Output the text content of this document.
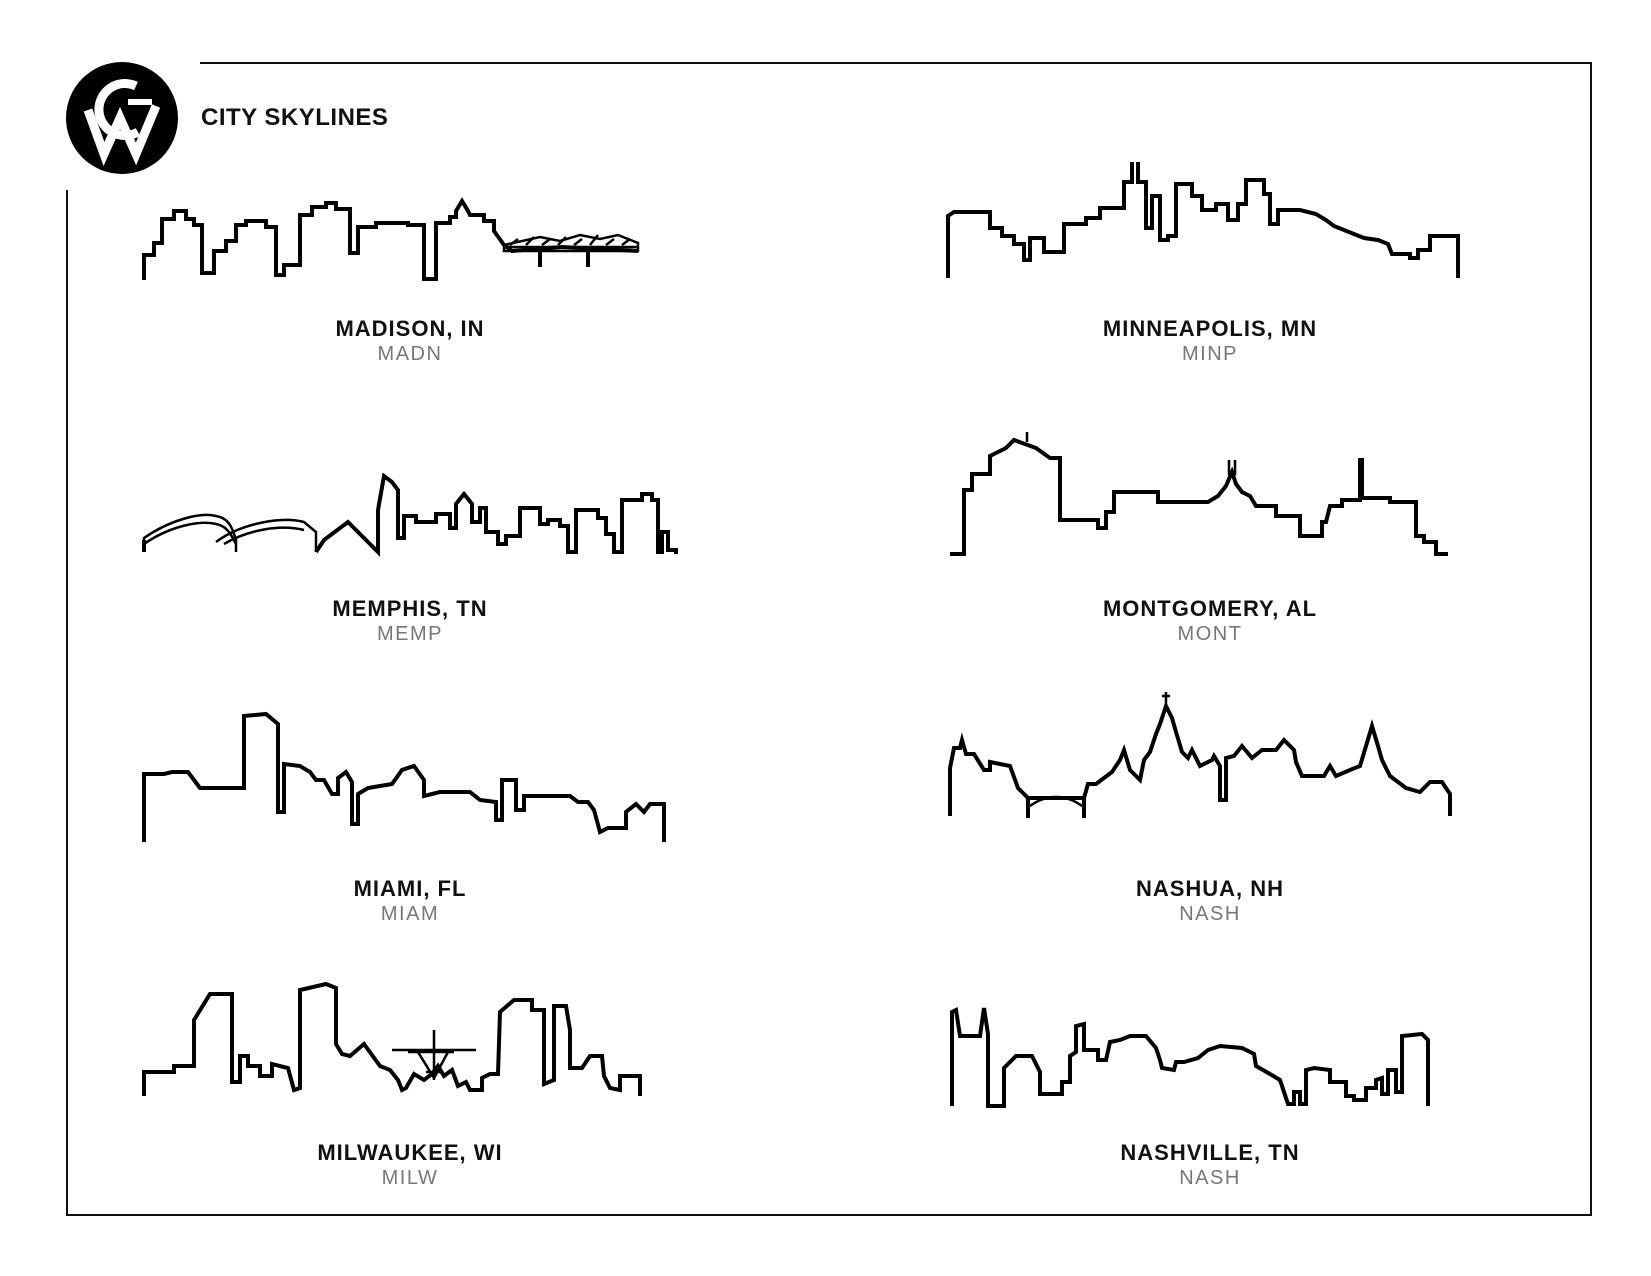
CITY SKYLINES
MADISON, IN
MADN
MINNEAPOLIS, MN
MINP
MEMPHIS, TN
MEMP
MONTGOMERY, AL
MONT
MIAMI, FL
MIAM
NASHUA, NH
NASH
MILWAUKEE, WI
MILW
NASHVILLE, TN
NASH
